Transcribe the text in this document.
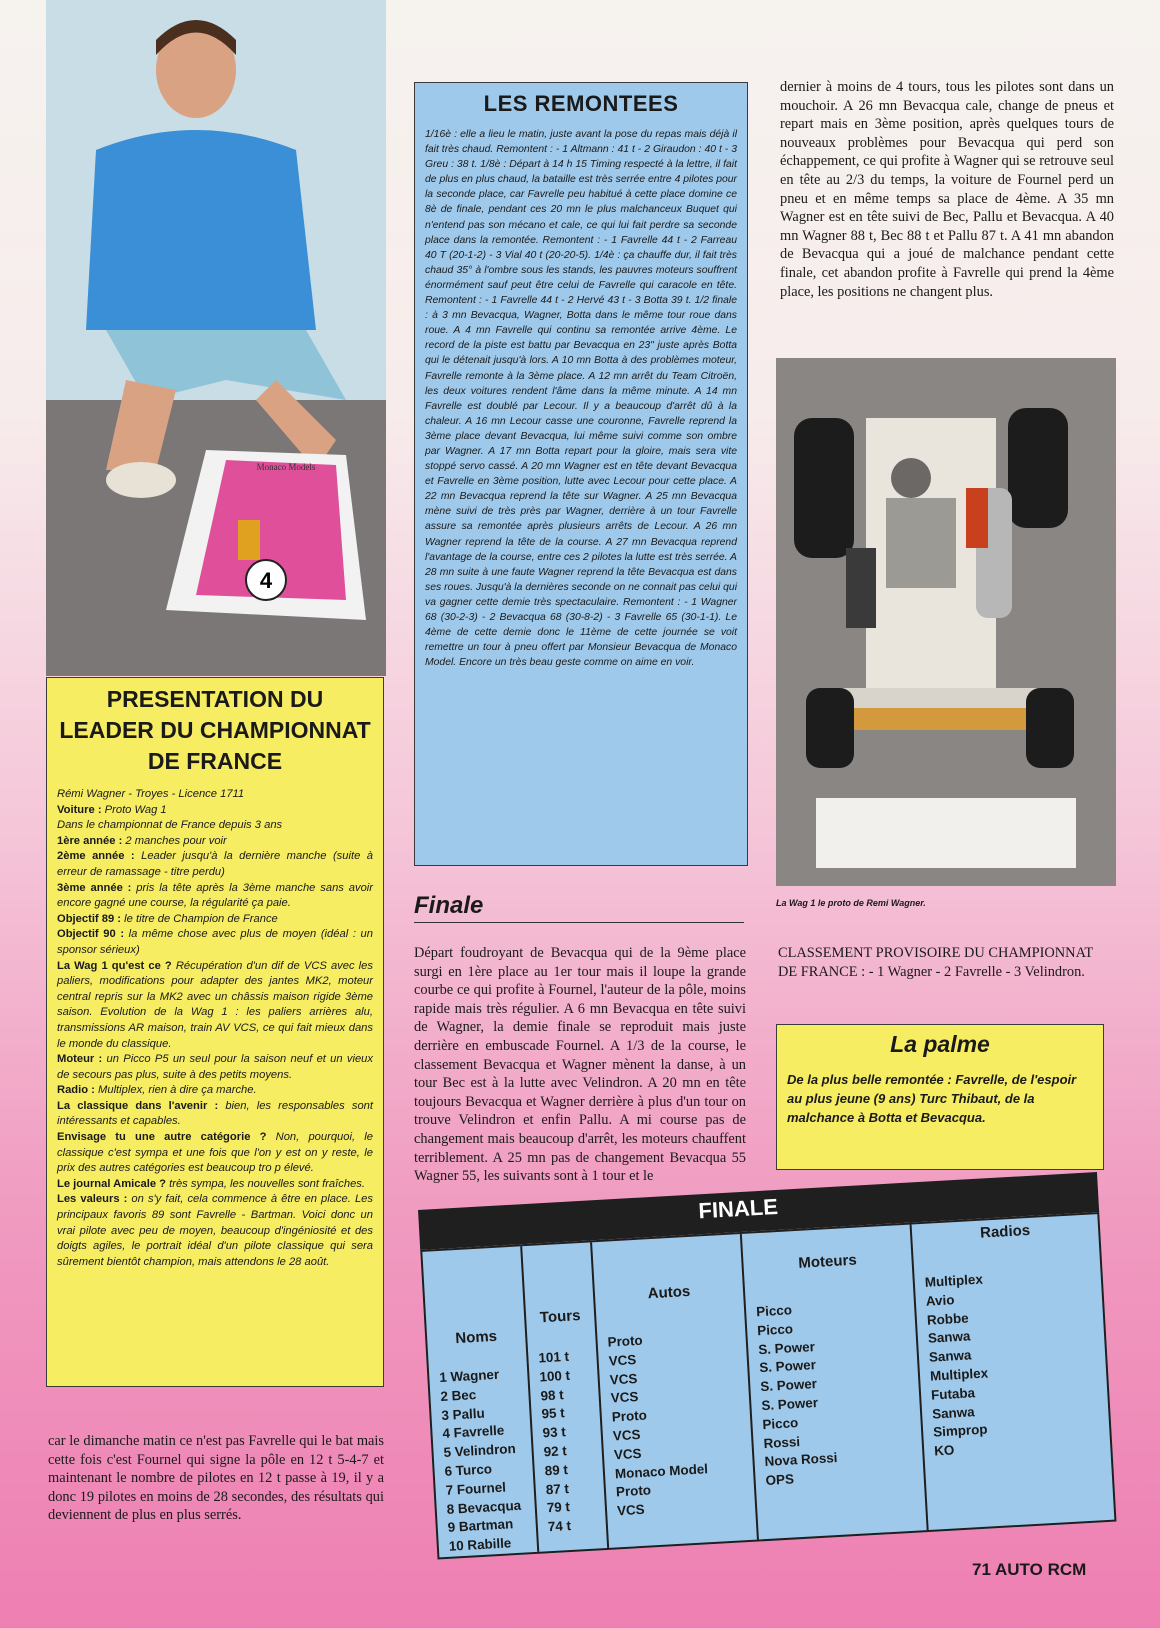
4
Monaco Models
LES REMONTEES

1/16è : elle a lieu le matin, juste avant la pose du repas mais déjà il fait très chaud. Remontent : - 1 Altmann : 41 t - 2 Giraudon : 40 t - 3 Greu : 38 t. 1/8è : Départ à 14 h 15 Timing respecté à la lettre, il fait de plus en plus chaud, la bataille est très serrée entre 4 pilotes pour la seconde place, car Favrelle peu habitué à cette place domine ce 8è de finale, pendant ces 20 mn le plus malchanceux Buquet qui n'entend pas son mécano et cale, ce qui lui fait perdre sa seconde place dans la remontée. Remontent : - 1 Favrelle 44 t - 2 Farreau 40 T (20-1-2) - 3 Vial 40 t (20-20-5). 1/4è : ça chauffe dur, il fait très chaud 35° à l'ombre sous les stands, les pauvres moteurs souffrent énormément sauf peut être celui de Favrelle qui caracole en tête. Remontent : - 1 Favrelle 44 t - 2 Hervé 43 t - 3 Botta 39 t. 1/2 finale : à 3 mn Bevacqua, Wagner, Botta dans le même tour roue dans roue. A 4 mn Favrelle qui continu sa remontée arrive 4ème. Le record de la piste est battu par Bevacqua en 23" juste après Botta qui le détenait jusqu'à lors. A 10 mn Botta à des problèmes moteur, Favrelle remonte à la 3ème place. A 12 mn arrêt du Team Citroën, les deux voitures rendent l'âme dans la même minute. A 14 mn Favrelle est doublé par Lecour. Il y a beaucoup d'arrêt dû à la chaleur. A 16 mn Lecour casse une couronne, Favrelle reprend la 3ème place devant Bevacqua, lui même suivi comme son ombre par Wagner. A 17 mn Botta repart pour la gloire, mais sera vite stoppé servo cassé. A 20 mn Wagner est en tête devant Bevacqua et Favrelle en 3ème position, lutte avec Lecour pour cette place. A 22 mn Bevacqua reprend la tête sur Wagner. A 25 mn Bevacqua mène suivi de très près par Wagner, derrière à un tour Favrelle assure sa remontée après plusieurs arrêts de Lecour. A 26 mn Wagner reprend la tête de la course. A 27 mn Bevacqua reprend l'avantage de la course, entre ces 2 pilotes la lutte est très serrée. A 28 mn suite à une faute Wagner reprend la tête Bevacqua est dans ses roues. Jusqu'à la dernières seconde on ne connait pas celui qui va gagner cette demie très spectaculaire. Remontent : - 1 Wagner 68 (30-2-3) - 2 Bevacqua 68 (30-8-2) - 3 Favrelle 65 (30-1-1). Le 4ème de cette demie donc le 11ème de cette journée se voit remettre un tour à pneu offert par Monsieur Bevacqua de Monaco Model. Encore un très beau geste comme on aime en voir.

dernier à moins de 4 tours, tous les pilotes sont dans un mouchoir. A 26 mn Bevacqua cale, change de pneus et repart mais en 3ème position, après quelques tours de nouveaux problèmes pour Bevacqua qui perd son échappement, ce qui profite à Wagner qui se retrouve seul en tête au 2/3 du temps, la voiture de Fournel perd un pneu et en même temps sa place de 4ème. A 35 mn Wagner est en tête suivi de Bec, Pallu et Bevacqua. A 40 mn Wagner 88 t, Bec 88 t et Pallu 87 t. A 41 mn abandon de Bevacqua qui a joué de malchance pendant cette finale, cet abandon profite à Favrelle qui prend la 4ème place, les positions ne changent plus.
La Wag 1 le proto de Remi Wagner.
PRESENTATION DU LEADER DU CHAMPIONNAT DE FRANCE
Rémi Wagner - Troyes - Licence 1711
Voiture : Proto Wag 1
Dans le championnat de France depuis 3 ans
1ère année : 2 manches pour voir
2ème année : Leader jusqu'à la dernière manche (suite à erreur de ramassage - titre perdu)
3ème année : pris la tête après la 3ème manche sans avoir encore gagné une course, la régularité ça paie.
Objectif 89 : le titre de Champion de France
Objectif 90 : la même chose avec plus de moyen (idéal : un sponsor sérieux)
La Wag 1 qu'est ce ? Récupération d'un dif de VCS avec les paliers, modifications pour adapter des jantes MK2, moteur central repris sur la MK2 avec un châssis maison rigide 3ème saison. Evolution de la Wag 1 : les paliers arrières alu, transmissions AR maison, train AV VCS, ce qui fait mieux dans le monde du classique.
Moteur : un Picco P5 un seul pour la saison neuf et un vieux de secours pas plus, suite à des petits moyens.
Radio : Multiplex, rien à dire ça marche.
La classique dans l'avenir : bien, les responsables sont intéressants et capables.
Envisage tu une autre catégorie ? Non, pourquoi, le classique c'est sympa et une fois que l'on y est on y reste, le prix des autres catégories est beaucoup tro p élevé.
Le journal Amicale ? très sympa, les nouvelles sont fraîches.
Les valeurs : on s'y fait, cela commence à être en place. Les principaux favoris 89 sont Favrelle - Bartman. Voici donc un vrai pilote avec peu de moyen, beaucoup d'ingéniosité et des doigts agiles, le portrait idéal d'un pilote classique qui sera sûrement bientôt champion, mais attendons le 28 août.
car le dimanche matin ce n'est pas Favrelle qui le bat mais cette fois c'est Fournel qui signe la pôle en 12 t 5-4-7 et maintenant le nombre de pilotes en 12 t passe à 19, il y a donc 19 pilotes en moins de 28 secondes, des résultats qui deviennent de plus en plus serrés.
Finale
Départ foudroyant de Bevacqua qui de la 9ème place surgi en 1ère place au 1er tour mais il loupe la grande courbe ce qui profite à Fournel, l'auteur de la pôle, moins rapide mais très régulier. A 6 mn Bevacqua en tête suivi de Wagner, la demie finale se reproduit mais juste derrière en embuscade Fournel. A 1/3 de la course, le classement Bevacqua et Wagner mènent la danse, à un tour Bec est à la lutte avec Velindron. A 20 mn en tête toujours Bevacqua et Wagner derrière à plus d'un tour on trouve Velindron et enfin Pallu. A mi course pas de changement mais beaucoup d'arrêt, les moteurs chauffent terriblement. A 25 mn pas de changement Bevacqua 55 Wagner 55, les suivants sont à 1 tour et le
CLASSEMENT PROVISOIRE DU CHAMPIONNAT DE FRANCE : - 1 Wagner - 2 Favrelle - 3 Velindron.
La palme

De la plus belle remontée : Favrelle, de l'espoir au plus jeune (9 ans) Turc Thibaut, de la malchance à Botta et Bevacqua.

FINALE
Noms
1 Wagner
2 Bec
3 Pallu
4 Favrelle
5 Velindron
6 Turco
7 Fournel
8 Bevacqua
9 Bartman
10 Rabille
Tours
101 t
100 t
98 t
95 t
93 t
92 t
89 t
87 t
79 t
74 t
Autos
Proto
VCS
VCS
VCS
Proto
VCS
VCS
Monaco Model
Proto
VCS
Moteurs
Picco
Picco
S. Power
S. Power
S. Power
S. Power
Picco
Rossi
Nova Rossi
OPS
Radios
Multiplex
Avio
Robbe
Sanwa
Sanwa
Multiplex
Futaba
Sanwa
Simprop
KO
71 AUTO RCM
